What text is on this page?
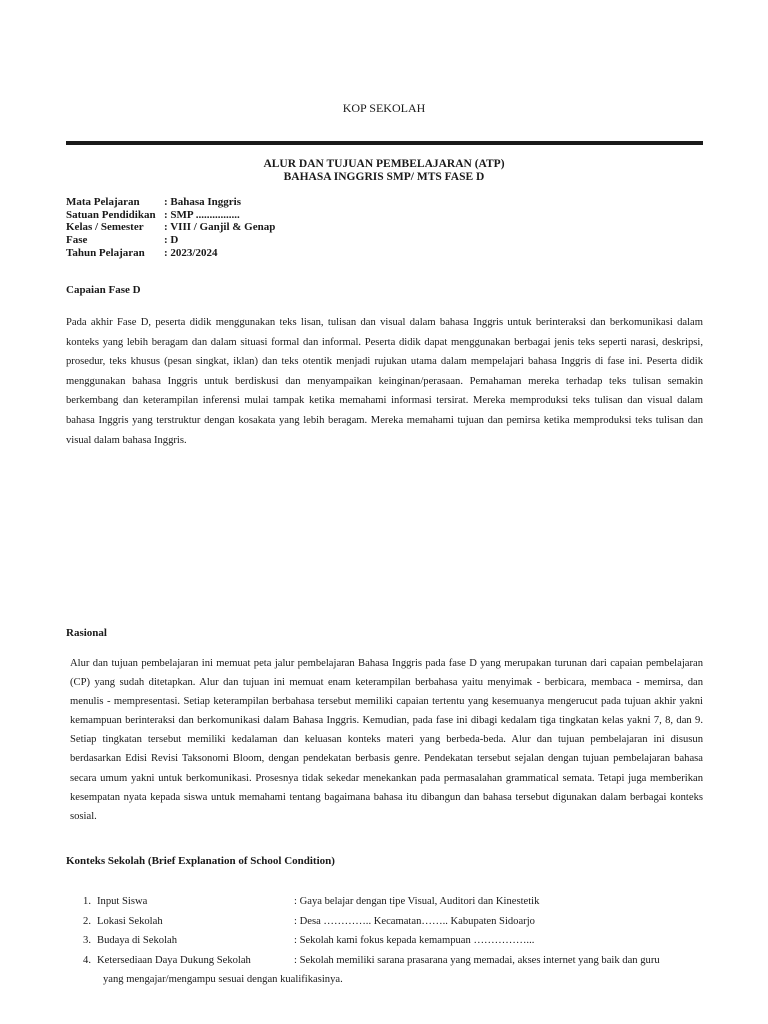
KOP SEKOLAH
ALUR DAN TUJUAN PEMBELAJARAN (ATP)
BAHASA INGGRIS SMP/ MTS FASE D
Mata Pelajaran	: Bahasa Inggris
Satuan Pendidikan : SMP ................
Kelas / Semester	: VIII / Ganjil & Genap
Fase	: D
Tahun Pelajaran	: 2023/2024
Capaian Fase D
Pada akhir Fase D, peserta didik menggunakan teks lisan, tulisan dan visual dalam bahasa Inggris untuk berinteraksi dan berkomunikasi dalam konteks yang lebih beragam dan dalam situasi formal dan informal. Peserta didik dapat menggunakan berbagai jenis teks seperti narasi, deskripsi, prosedur, teks khusus (pesan singkat, iklan) dan teks otentik menjadi rujukan utama dalam mempelajari bahasa Inggris di fase ini. Peserta didik menggunakan bahasa Inggris untuk berdiskusi dan menyampaikan keinginan/perasaan. Pemahaman mereka terhadap teks tulisan semakin berkembang dan keterampilan inferensi mulai tampak ketika memahami informasi tersirat. Mereka memproduksi teks tulisan dan visual dalam bahasa Inggris yang terstruktur dengan kosakata yang lebih beragam. Mereka memahami tujuan dan pemirsa ketika memproduksi teks tulisan dan visual dalam bahasa Inggris.
Rasional
Alur dan tujuan pembelajaran ini memuat peta jalur pembelajaran Bahasa Inggris pada fase D yang merupakan turunan dari capaian pembelajaran (CP) yang sudah ditetapkan. Alur dan tujuan ini memuat enam keterampilan berbahasa yaitu menyimak - berbicara, membaca - memirsa, dan menulis - mempresentasi. Setiap keterampilan berbahasa tersebut memiliki capaian tertentu yang kesemuanya mengerucut pada tujuan akhir yakni kemampuan berinteraksi dan berkomunikasi dalam Bahasa Inggris. Kemudian, pada fase ini dibagi kedalam tiga tingkatan kelas yakni 7, 8, dan 9. Setiap tingkatan tersebut memiliki kedalaman dan keluasan konteks materi yang berbeda-beda. Alur dan tujuan pembelajaran ini disusun berdasarkan Edisi Revisi Taksonomi Bloom, dengan pendekatan berbasis genre. Pendekatan tersebut sejalan dengan tujuan pembelajaran bahasa secara umum yakni untuk berkomunikasi. Prosesnya tidak sekedar menekankan pada permasalahan grammatical semata. Tetapi juga memberikan kesempatan nyata kepada siswa untuk memahami tentang bagaimana bahasa itu dibangun dan bahasa tersebut digunakan dalam berbagai konteks sosial.
Konteks Sekolah (Brief Explanation of School Condition)
1. Input Siswa	: Gaya belajar dengan tipe Visual, Auditori dan Kinestetik
2. Lokasi Sekolah	: Desa ………….. Kecamatan…….. Kabupaten Sidoarjo
3. Budaya di Sekolah	: Sekolah kami fokus kepada kemampuan ……………...
4. Ketersediaan Daya Dukung Sekolah	: Sekolah memiliki sarana prasarana yang memadai, akses internet yang baik dan guru
yang mengajar/mengampu sesuai dengan kualifikasinya.
